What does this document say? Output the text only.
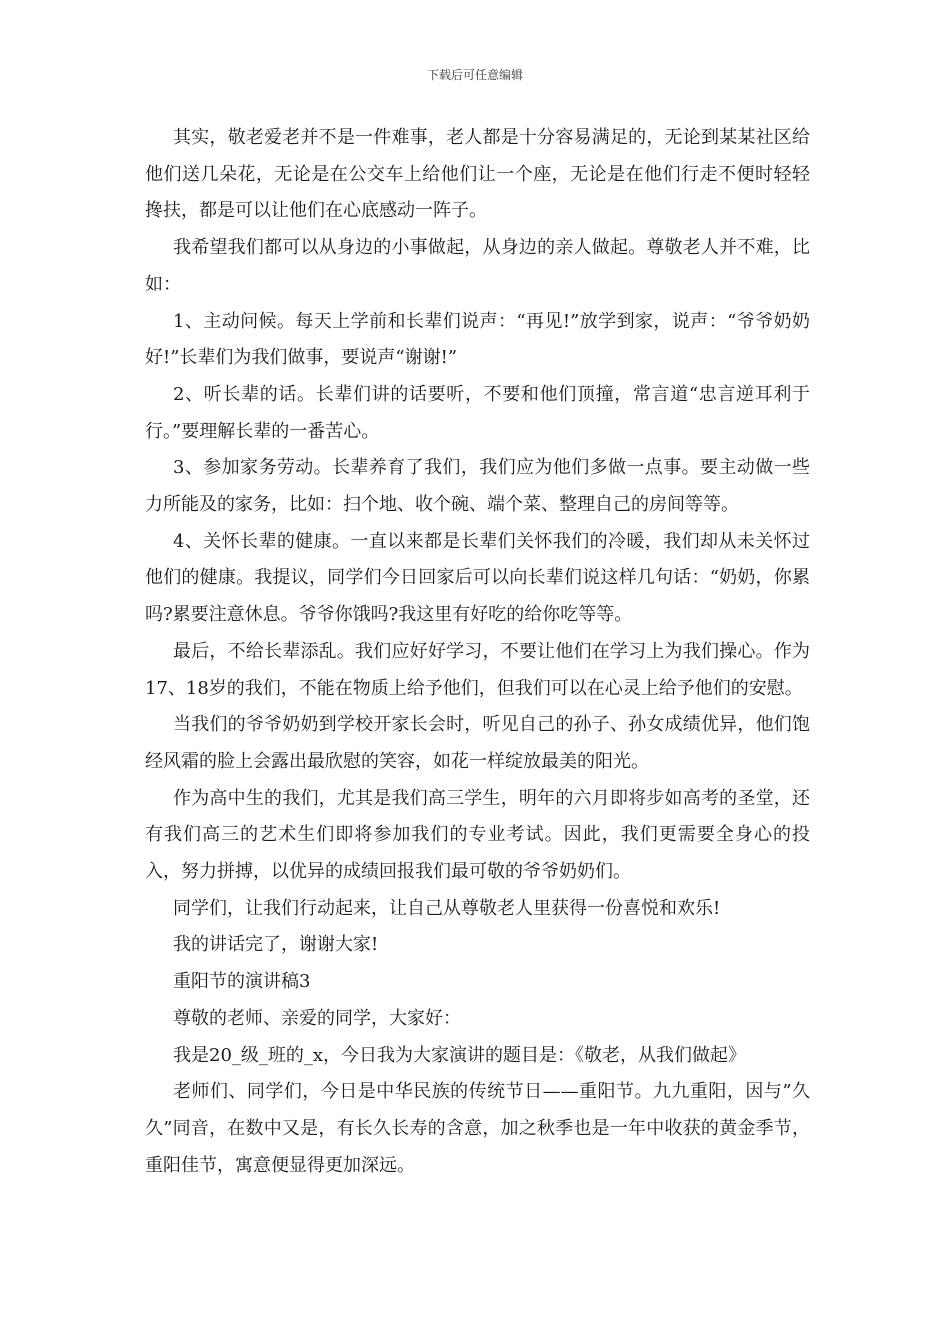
下载后可任意编辑

其实，敬老爱老并不是一件难事，老人都是十分容易满足的，无论到某某社区给他们送几朵花，无论是在公交车上给他们让一个座，无论是在他们行走不便时轻轻搀扶，都是可以让他们在心底感动一阵子。

我希望我们都可以从身边的小事做起，从身边的亲人做起。尊敬老人并不难，比如：

1、主动问候。每天上学前和长辈们说声：“再见!”放学到家，说声：“爷爷奶奶好!”长辈们为我们做事，要说声“谢谢!”

2、听长辈的话。长辈们讲的话要听，不要和他们顶撞，常言道“忠言逆耳利于行。”要理解长辈的一番苦心。

3、参加家务劳动。长辈养育了我们，我们应为他们多做一点事。要主动做一些力所能及的家务，比如：扫个地、收个碗、端个菜、整理自己的房间等等。

4、关怀长辈的健康。一直以来都是长辈们关怀我们的冷暖，我们却从未关怀过他们的健康。我提议，同学们今日回家后可以向长辈们说这样几句话：“奶奶，你累吗?累要注意休息。爷爷你饿吗?我这里有好吃的给你吃等等。

最后，不给长辈添乱。我们应好好学习，不要让他们在学习上为我们操心。作为17、18岁的我们，不能在物质上给予他们，但我们可以在心灵上给予他们的安慰。

当我们的爷爷奶奶到学校开家长会时，听见自己的孙子、孙女成绩优异，他们饱经风霜的脸上会露出最欣慰的笑容，如花一样绽放最美的阳光。

作为高中生的我们，尤其是我们高三学生，明年的六月即将步如高考的圣堂，还有我们高三的艺术生们即将参加我们的专业考试。因此，我们更需要全身心的投入，努力拼搏，以优异的成绩回报我们最可敬的爷爷奶奶们。

同学们，让我们行动起来，让自己从尊敬老人里获得一份喜悦和欢乐!

我的讲话完了，谢谢大家!

重阳节的演讲稿3

尊敬的老师、亲爱的同学，大家好：

我是20_级_班的_x，今日我为大家演讲的题目是：《敬老，从我们做起》

老师们、同学们，今日是中华民族的传统节日——重阳节。九九重阳，因与”久久”同音，在数中又是，有长久长寿的含意，加之秋季也是一年中收获的黄金季节，重阳佳节，寓意便显得更加深远。
